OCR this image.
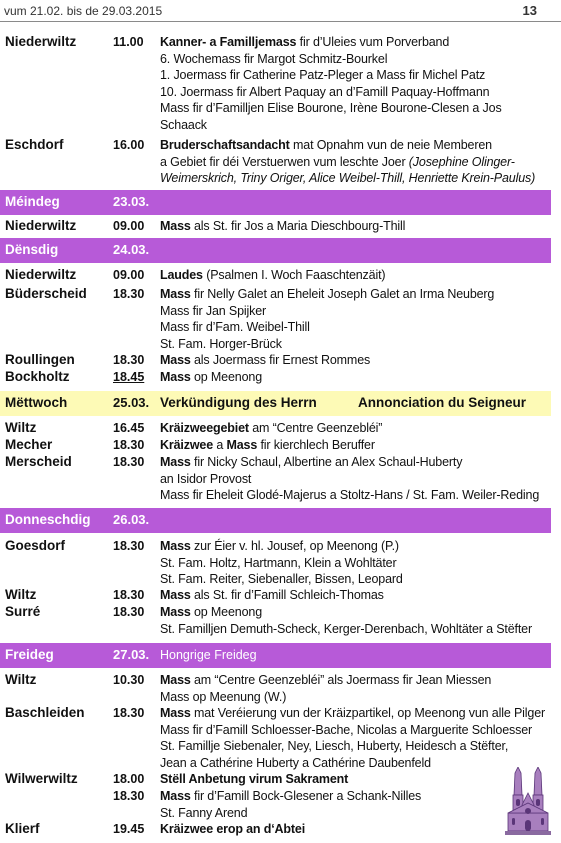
vum 21.02. bis de 29.03.2015	13
Niederwiltz	11.00 Kanner- a Familljemass fir d’Uleies vum Porverband
6. Wochemass fir Margot Schmitz-Bourkel
1. Joermass fir Catherine Patz-Pleger a Mass fir Michel Patz
10. Joermass fir Albert Paquay an d’Famill Paquay-Hoffmann
Mass fir d’Familljen Elise Bourone, Irène Bourone-Clesen a Jos
Schaack
Eschdorf	16.00 Bruderschaftsandacht mat Opnahm vun de neie Memberen
a Gebiet fir déi Verstuerwen vum leschte Joer (Josephine Olinger-
Weimerskrich, Triny Origer, Alice Weibel-Thill, Henriette Krein-Paulus)
Méindeg	23.03.
Niederwiltz	09.00 Mass als St. fir Jos a Maria Dieschbourg-Thill
Dënsdig	24.03.
Niederwiltz	09.00 Laudes (Psalmen I. Woch Faaschtenzäit)
Büderscheid 18.30 Mass fir Nelly Galet an Eheleit Joseph Galet an Irma Neuberg
Mass fir Jan Spijker
Mass fir d’Fam. Weibel-Thill
St. Fam. Horger-Brück
Roullingen	18.30 Mass als Joermass fir Ernest Rommes
Bockholtz	18.45 Mass op Meenong
Mëttwoch	25.03. Verkündigung des Herrn	Annonciation du Seigneur
Wiltz	16.45 Kräizweegebiet am “Centre Geenzebléi”
Mecher	18.30 Kräizwee a Mass fir kierchlech Beruffer
Merscheid	18.30 Mass fir Nicky Schaul, Albertine an Alex Schaul-Huberty
an Isidor Provost
Mass fir Eheleit Glodé-Majerus a Stoltz-Hans / St. Fam. Weiler-Reding
Donneschdig 26.03.
Goesdorf	18.30 Mass zur Éier v. hl. Jousef, op Meenong (P.)
St. Fam. Holtz, Hartmann, Klein a Wohltäter
St. Fam. Reiter, Siebenaller, Bissen, Leopard
Wiltz	18.30 Mass als St. fir d’Famill Schleich-Thomas
Surré	18.30 Mass op Meenong
St. Familljen Demuth-Scheck, Kerger-Derenbach, Wohltäter a Stëfter
Freideg	27.03. Hongrige Freideg
Wiltz	10.30 Mass am “Centre Geenzebléi” als Joermass fir Jean Miessen
Mass op Meenung (W.)
Baschleiden 18.30 Mass mat Veréierung vun der Kräizpartikel, op Meenong vun alle Pilger
Mass fir d’Famill Schloesser-Bache, Nicolas a Marguerite Schloesser
St. Famillje Siebenaler, Ney, Liesch, Huberty, Heidesch a Stëfter,
Jean a Cathérine Huberty a Cathérine Daubenfeld
Wilwerwiltz	18.00 Stëll Anbetung virum Sakrament
18.30 Mass fir d’Famill Bock-Glesener a Schank-Nilles
St. Fanny Arend
Klierf	19.45 Kräizwee erop an d‘Abtei
